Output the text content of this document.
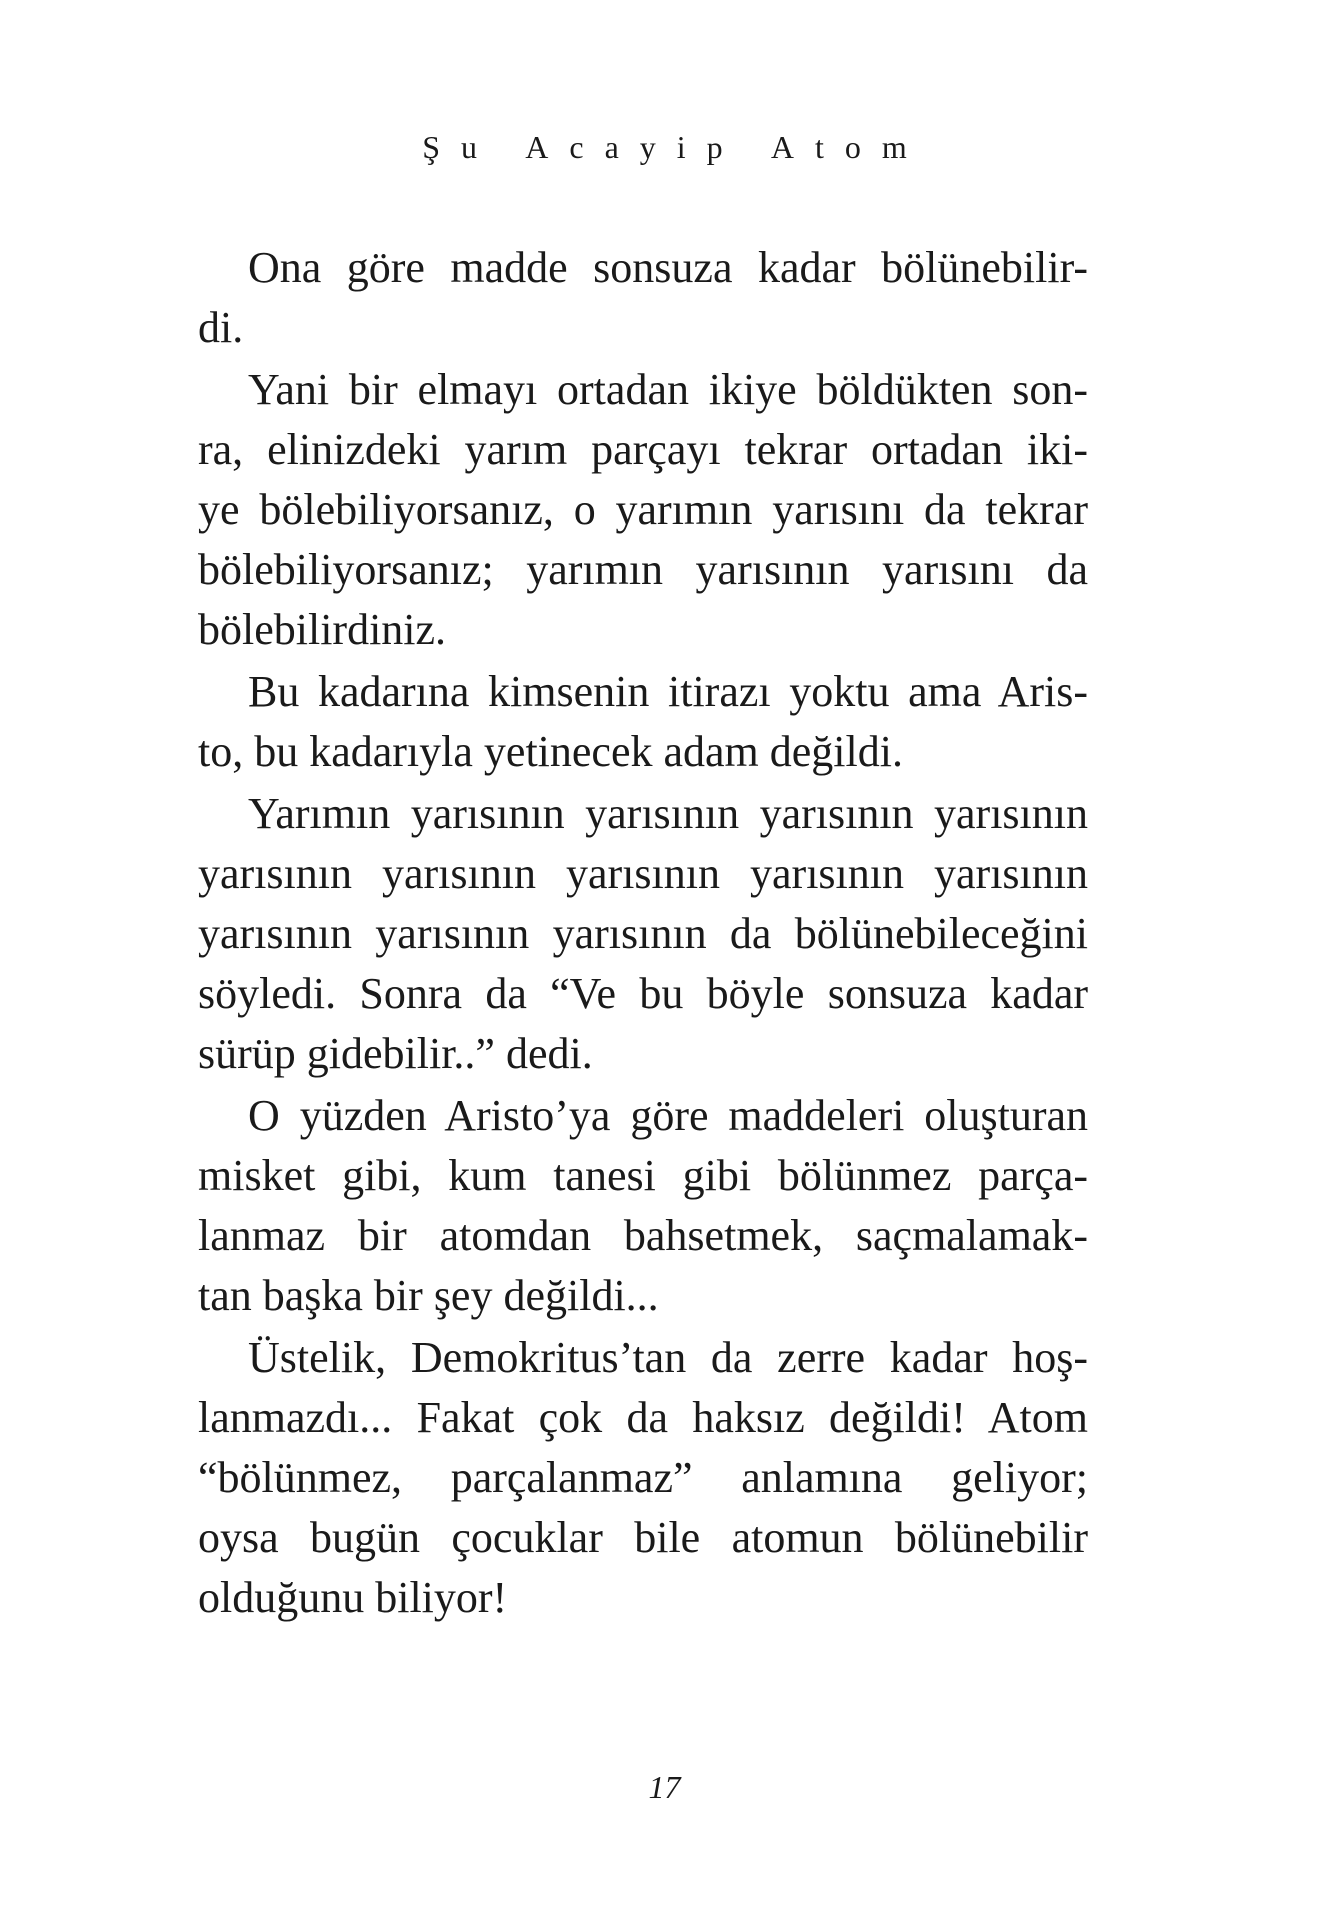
Şu Acayip Atom

Ona göre madde sonsuza kadar bölünebilir-
di.

Yani bir elmayı ortadan ikiye böldükten son-
ra, elinizdeki yarım parçayı tekrar ortadan iki-
ye bölebiliyorsanız, o yarımın yarısını da tekrar
bölebiliyorsanız; yarımın yarısının yarısını da
bölebilirdiniz.

Bu kadarına kimsenin itirazı yoktu ama Aris-
to, bu kadarıyla yetinecek adam değildi.

Yarımın yarısının yarısının yarısının yarısının
yarısının yarısının yarısının yarısının yarısının
yarısının yarısının yarısının da bölünebileceğini
söyledi. Sonra da “Ve bu böyle sonsuza kadar
sürüp gidebilir..” dedi.

O yüzden Aristo’ya göre maddeleri oluşturan
misket gibi, kum tanesi gibi bölünmez parça-
lanmaz bir atomdan bahsetmek, saçmalamak-
tan başka bir şey değildi...

Üstelik, Demokritus’tan da zerre kadar hoş-
lanmazdı... Fakat çok da haksız değildi! Atom
“bölünmez, parçalanmaz” anlamına geliyor;
oysa bugün çocuklar bile atomun bölünebilir
olduğunu biliyor!

17
